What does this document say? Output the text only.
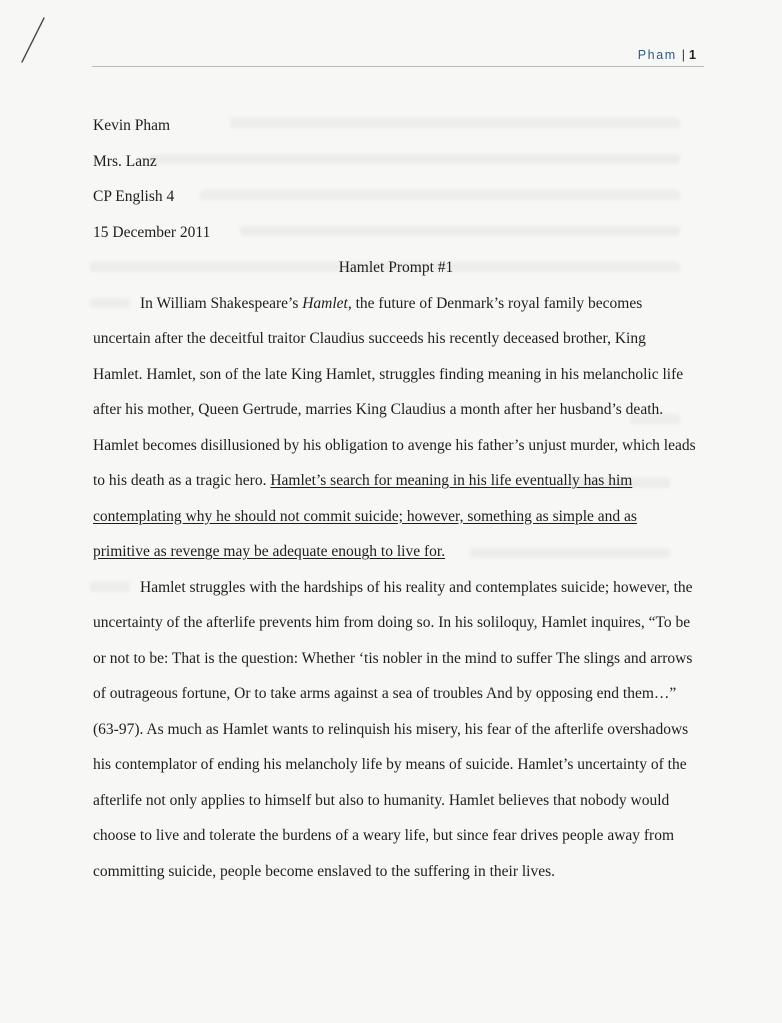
Pham | 1
Kevin Pham
Mrs. Lanz
CP English 4
15 December 2011
Hamlet Prompt #1
In William Shakespeare’s Hamlet, the future of Denmark’s royal family becomes
uncertain after the deceitful traitor Claudius succeeds his recently deceased brother, King
Hamlet. Hamlet, son of the late King Hamlet, struggles finding meaning in his melancholic life
after his mother, Queen Gertrude, marries King Claudius a month after her husband’s death.
Hamlet becomes disillusioned by his obligation to avenge his father’s unjust murder, which leads
to his death as a tragic hero. Hamlet’s search for meaning in his life eventually has him
contemplating why he should not commit suicide; however, something as simple and as
primitive as revenge may be adequate enough to live for.
Hamlet struggles with the hardships of his reality and contemplates suicide; however, the
uncertainty of the afterlife prevents him from doing so. In his soliloquy, Hamlet inquires, “To be
or not to be: That is the question: Whether ‘tis nobler in the mind to suffer The slings and arrows
of outrageous fortune, Or to take arms against a sea of troubles And by opposing end them…”
(63-97). As much as Hamlet wants to relinquish his misery, his fear of the afterlife overshadows
his contemplator of ending his melancholy life by means of suicide. Hamlet’s uncertainty of the
afterlife not only applies to himself but also to humanity. Hamlet believes that nobody would
choose to live and tolerate the burdens of a weary life, but since fear drives people away from
committing suicide, people become enslaved to the suffering in their lives.
